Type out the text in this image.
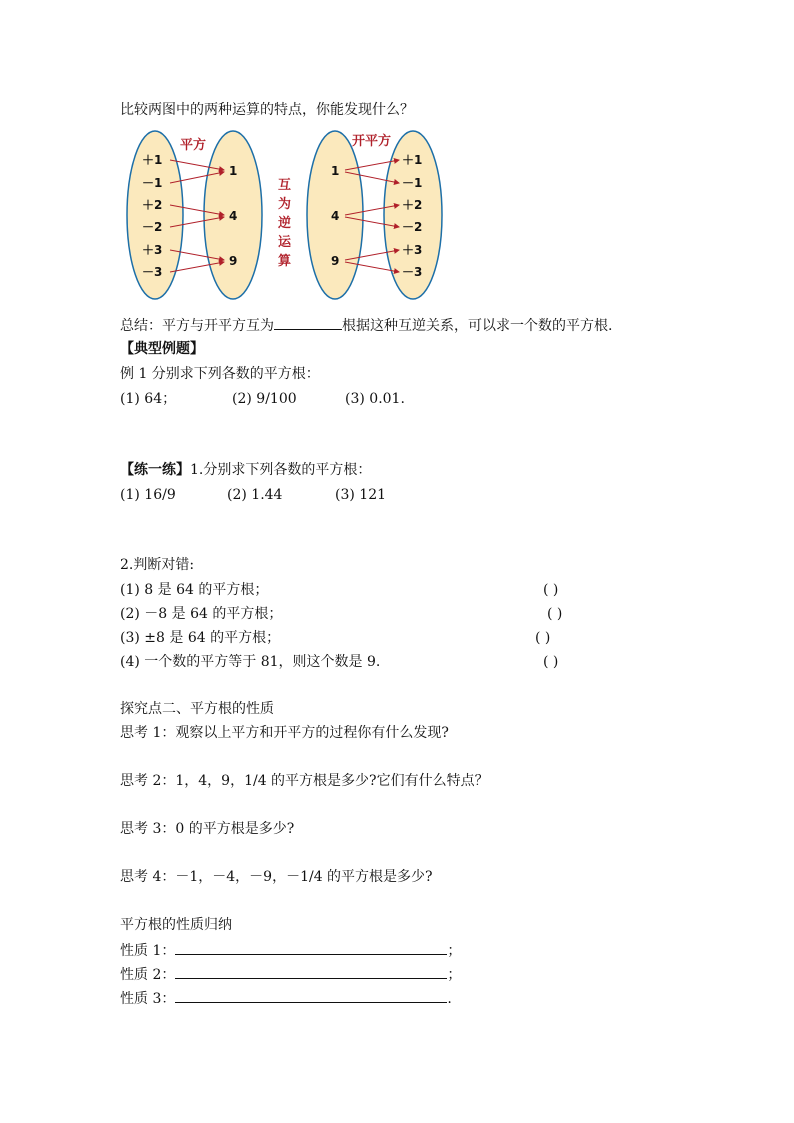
比较两图中的两种运算的特点，你能发现什么？
平方	开平方
互
为
逆
运
算
＋1
－1
＋2
－2
＋3
－3
1
4
9
1
4
9
＋1
－1
＋2
－2
＋3
－3
总结：平方与开平方互为	根据这种互逆关系，可以求一个数的平方根.
【典型例题】
例 1 分别求下列各数的平方根：
(1) 64；	(2) 9/100	(3) 0.01.
【练一练】1.分别求下列各数的平方根：
(1) 16/9	(2) 1.44	(3) 121
2.判断对错:
(1) 8 是 64 的平方根；	( )
(2) －8 是 64 的平方根；	( )
(3) ±8 是 64 的平方根；	( )
(4) 一个数的平方等于 81，则这个数是 9.	( )
探究点二、平方根的性质
思考 1：观察以上平方和开平方的过程你有什么发现?
思考 2：1，4，9，1/4 的平方根是多少?它们有什么特点？
思考 3：0 的平方根是多少?
思考 4：－1，－4，－9，－1/4 的平方根是多少?
平方根的性质归纳
性质 1：	；
性质 2：	；
性质 3：	.
